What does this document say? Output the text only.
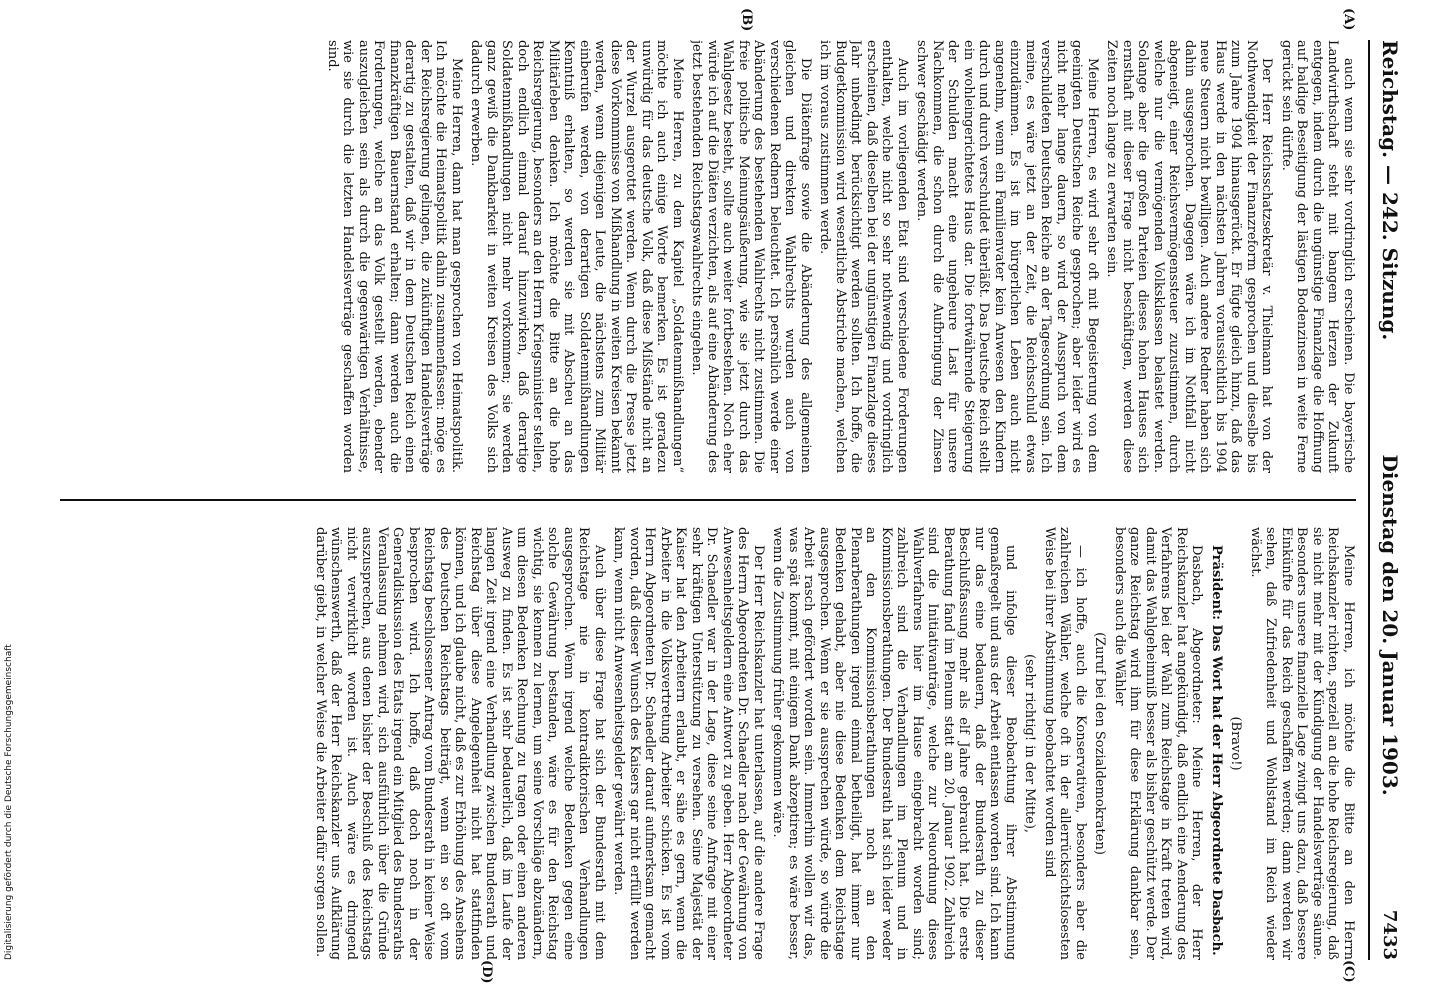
Reichstag. — 242. Sitzung.
Dienstag den 20. Januar 1903.
7433

auch wenn sie sehr vordringlich erscheinen. Die bayerische Landwirthschaft steht mit bangem Herzen der Zukunft entgegen, indem durch die ungünstige Finanzlage die Hoffnung auf baldige Beseitigung der lästigen Bodenzinsen in weite Ferne gerückt sein dürfte.

Der Herr Reichsschatzsekretär v. Thielmann hat von der Nothwendigkeit der Finanzreform gesprochen und dieselbe bis zum Jahre 1904 hinausgerückt. Er fügte gleich hinzu, daß das Haus werde in den nächsten Jahren voraussichtlich bis 1904 neue Steuern nicht bewilligen. Auch andere Redner haben sich dahin ausgesprochen. Dagegen wäre ich im Nothfall nicht abgeneigt, einer Reichsvermögenssteuer zuzustimmen, durch welche nur die vermögenden Volksklassen belastet werden. Solange aber die großen Parteien dieses hohen Hauses sich ernsthaft mit dieser Frage nicht beschäftigen, werden diese Zeiten noch lange zu erwarten sein.

Meine Herren, es wird sehr oft mit Begeisterung von dem geeinigten Deutschen Reiche gesprochen; aber leider wird es nicht mehr lange dauern, so wird der Ausspruch von dem verschuldeten Deutschen Reiche an der Tagesordnung sein. Ich meine, es wäre jetzt an der Zeit, die Reichsschuld etwas einzudämmen. Es ist im bürgerlichen Leben auch nicht angenehm, wenn ein Familienvater kein Anwesen den Kindern durch und durch verschuldet überläßt. Das Deutsche Reich stellt ein wohleingerichtetes Haus dar. Die fortwährende Steigerung der Schulden macht eine ungeheure Last für unsere Nachkommen, die schon durch die Aufbringung der Zinsen schwer geschädigt werden.

Auch im vorliegenden Etat sind verschiedene Forderungen enthalten, welche nicht so sehr nothwendig und vordringlich erscheinen, daß dieselben bei der ungünstigen Finanzlage dieses Jahr unbedingt berücksichtigt werden sollten. Ich hoffe, die Budgetkommission wird wesentliche Abstriche machen, welchen ich im voraus zustimmen werde.

Die Diätenfrage sowie die Abänderung des allgemeinen gleichen und direkten Wahlrechts wurden auch von verschiedenen Rednern beleuchtet. Ich persönlich werde einer Abänderung des bestehenden Wahlrechts nicht zustimmen. Die freie politische Meinungsäußerung, wie sie jetzt durch das Wahlgesetz besteht, sollte auch weiter fortbestehen. Noch eher würde ich auf die Diäten verzichten, als auf eine Abänderung des jetzt bestehenden Reichstagswahlrechts eingehen.

Meine Herren, zu dem Kapitel „Soldatenmißhandlungen“ möchte ich auch einige Worte bemerken. Es ist geradezu unwürdig für das deutsche Volk, daß diese Mißstände nicht an der Wurzel ausgerottet werden. Wenn durch die Presse jetzt diese Vorkommnisse von Mißhandlung in weiten Kreisen bekannt werden, wenn diejenigen Leute, die nächstens zum Militär einberufen werden, von derartigen Soldatenmißhandlungen Kenntniß erhalten, so werden sie mit Abscheu an das Militärleben denken. Ich möchte die Bitte an die hohe Reichsregierung, besonders an den Herrn Kriegsminister stellen, doch endlich einmal darauf hinzuwirken, daß derartige Soldatenmißhandlungen nicht mehr vorkommen; sie werden ganz gewiß die Dankbarkeit in weiten Kreisen des Volks sich dadurch erwerben.

Meine Herren, dann hat man gesprochen von Heimatspolitik. Ich möchte die Heimatspolitik dahin zusammenfassen: möge es der Reichsregierung gelingen, die zukünftigen Handelsverträge derartig zu gestalten, daß wir in dem Deutschen Reich einen finanzkräftigen Bauernstand erhalten; dann werden auch die Forderungen, welche an das Volk gestellt werden, ebender auszugleichen sein als durch die gegenwärtigen Verhältnisse, wie sie durch die letzten Handelsverträge geschaffen worden sind.

Meine Herren, ich möchte die Bitte an den Herrn Reichskanzler richten, speziell an die hohe Reichsregierung, daß sie nicht mehr mit der Kündigung der Handelsverträge säume. Besonders unsere finanzielle Lage zwingt uns dazu, daß bessere Einkünfte für das Reich geschaffen werden; dann werden wir sehen, daß Zufriedenheit und Wohlstand im Reich wieder wächst.

(Bravo!)

Präsident: Das Wort hat der Herr Abgeordnete Dasbach.

Dasbach, Abgeordneter: Meine Herren, der Herr Reichskanzler hat angekündigt, daß endlich eine Aenderung des Verfahrens bei der Wahl zum Reichstage in Kraft treten wird, damit das Wahlgeheimniß besser als bisher geschützt werde. Der ganze Reichstag wird ihm für diese Erklärung dankbar sein, besonders auch die Wähler

(Zuruf bei den Sozialdemokraten)

— ich hoffe, auch die Konservativen, besonders aber die zahlreichen Wähler, welche oft in der allerrücksichtslosesten Weise bei ihrer Abstimmung beobachtet worden sind

(sehr richtig! in der Mitte),

und infolge dieser Beobachtung ihrer Abstimmung gemaßregelt und aus der Arbeit entlassen worden sind. Ich kann nur das eine bedauern, daß der Bundesrath zu dieser Beschlußfassung mehr als elf Jahre gebraucht hat. Die erste Berathung fand im Plenum statt am 20. Januar 1902. Zahlreich sind die Initiativanträge, welche zur Neuordnung dieses Wahlverfahrens hier im Hause eingebracht worden sind; zahlreich sind die Verhandlungen im Plenum und in Kommissionsberathungen. Der Bundesrath hat sich leider weder an den Kommissionsberathungen noch an den Plenarberathungen irgend einmal betheiligt, hat immer nur Bedenken gehabt, aber nie diese Bedenken dem Reichstage ausgesprochen. Wenn er sie aussprechen würde, so würde die Arbeit rasch gefördert worden sein. Immerhin wollen wir das, was spät kommt, mit einigem Dank abzeptiren; es wäre besser, wenn die Zustimmung früher gekommen wäre.

Der Herr Reichskanzler hat unterlassen, auf die andere Frage des Herrn Abgeordneten Dr. Schaedler nach der Gewährung von Anwesenheitsgeldern eine Antwort zu geben. Herr Abgeordneter Dr. Schaedler war in der Lage, diese seine Anfrage mit einer sehr kräftigen Unterstützung zu versehen. Seine Majestät der Kaiser hat den Arbeitern erlaubt, er sähe es gern, wenn die Arbeiter in die Volksvertretung Arbeiter schicken. Es ist vom Herrn Abgeordneten Dr. Schaedler darauf aufmerksam gemacht worden, daß dieser Wunsch des Kaisers gar nicht erfüllt werden kann, wenn nicht Anwesenheitsgelder gewährt werden.

Auch über diese Frage hat sich der Bundesrath mit dem Reichstage nie in kontradiktorischen Verhandlungen ausgesprochen. Wenn irgend welche Bedenken gegen eine solche Gewährung bestanden, wäre es für den Reichstag wichtig, sie kennen zu lernen, um seine Vorschläge abzuändern, um diesen Bedenken Rechnung zu tragen oder einen anderen Ausweg zu finden. Es ist sehr bedauerlich, daß im Laufe der langen Zeit irgend eine Verhandlung zwischen Bundesrath und Reichstag über diese Angelegenheit nicht hat stattfinden können, und ich glaube nicht, daß es zur Erhöhung des Ansehens des Deutschen Reichstags beiträgt, wenn ein so oft vom Reichstag beschlossener Antrag vom Bundesrath in keiner Weise besprochen wird. Ich hoffe, daß doch noch in der Generaldiskussion des Etats irgend ein Mitglied des Bundesraths Veranlassung nehmen wird, sich ausführlich über die Gründe auszusprechen, aus denen bisher der Beschluß des Reichstags nicht verwirklicht worden ist. Auch wäre es dringend wünschenswerth, daß der Herr Reichskanzler uns Aufklärung darüber giebt, in welcher Weise die Arbeiter dafür sorgen sollen.

(A)
(B)
(C)
(D)
Digitalisierung gefördert durch die Deutsche Forschungsgemeinschaft
